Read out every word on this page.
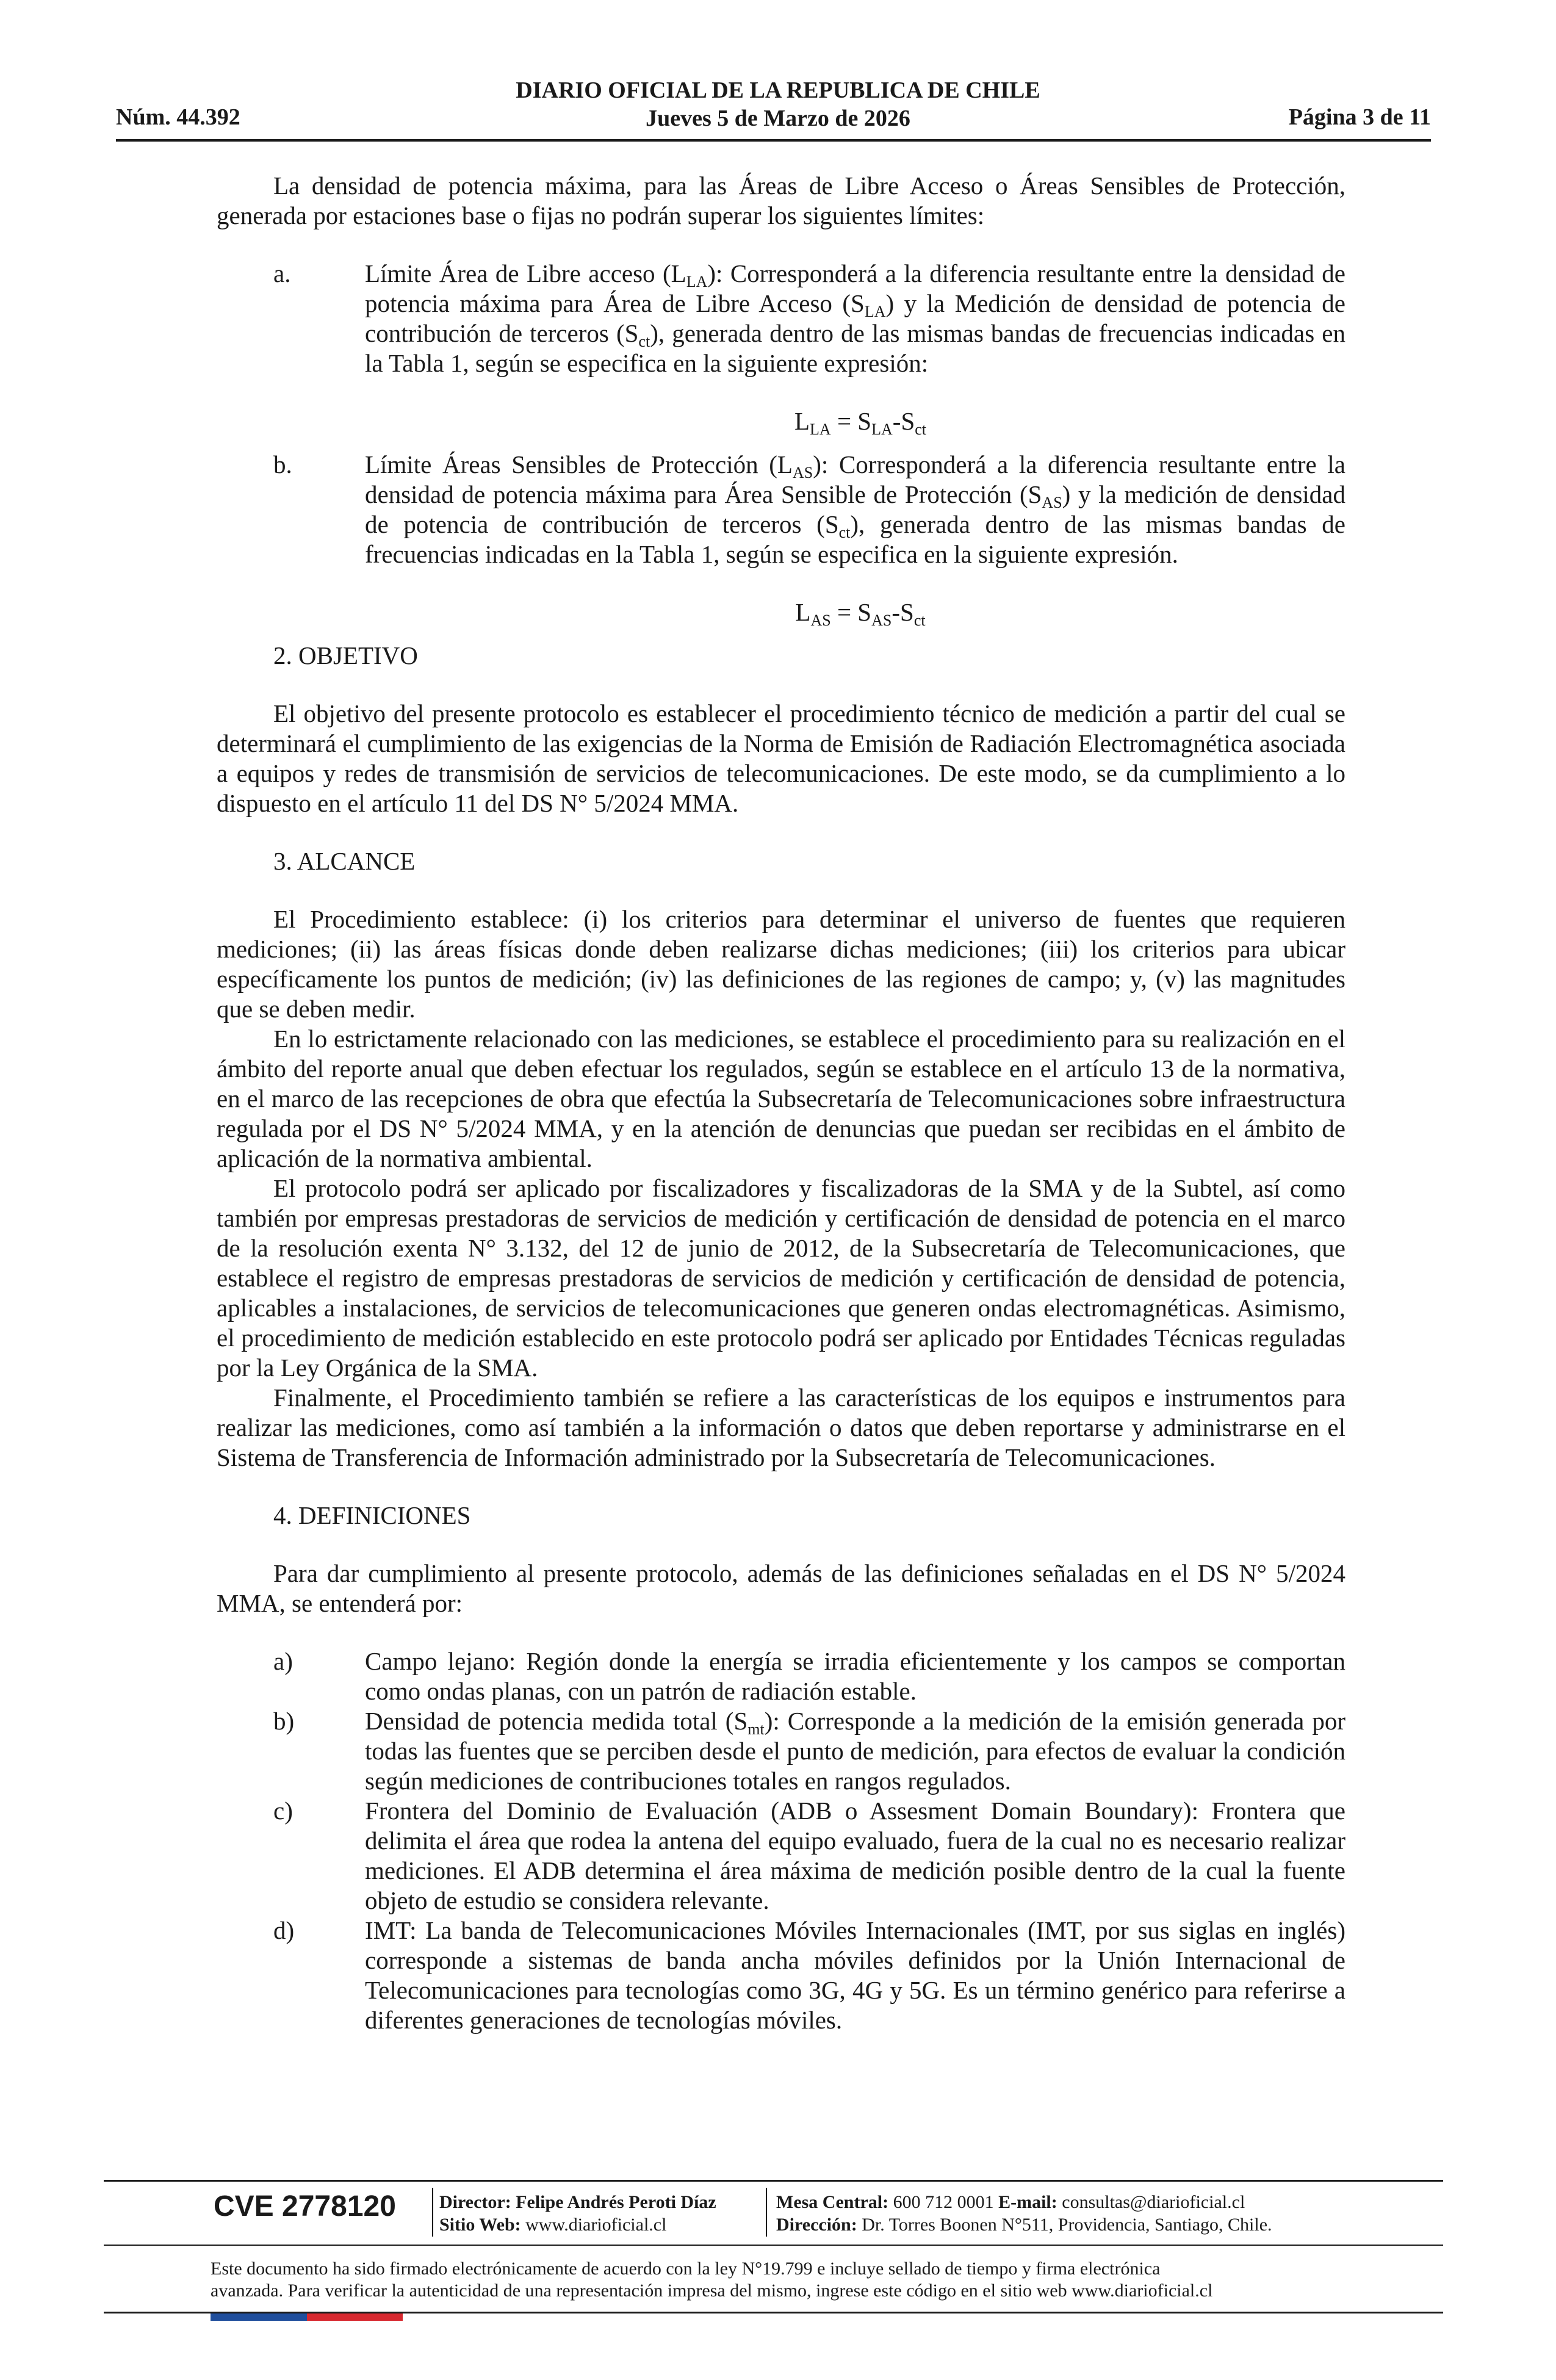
Núm. 44.392
DIARIO OFICIAL DE LA REPUBLICA DE CHILE
Jueves 5 de Marzo de 2026	Página 3 de 11

La densidad de potencia máxima, para las Áreas de Libre Acceso o Áreas Sensibles de Protección, generada por estaciones base o fijas no podrán superar los siguientes límites:

a.	Límite Área de Libre acceso $(L_{LA})$: Corresponderá a la diferencia resultante entre la densidad de potencia máxima para Área de Libre Acceso $(S_{LA})$ y la Medición de densidad de potencia de contribución de terceros $(S_{ct})$, generada dentro de las mismas bandas de frecuencias indicadas en la Tabla 1, según se especifica en la siguiente expresión:
$L_{LA} = S_{LA}-S_{ct}$
b.	Límite Áreas Sensibles de Protección $(L_{AS})$: Corresponderá a la diferencia resultante entre la densidad de potencia máxima para Área Sensible de Protección $(S_{AS})$ y la medición de densidad de potencia de contribución de terceros $(S_{ct})$, generada dentro de las mismas bandas de frecuencias indicadas en la Tabla 1, según se especifica en la siguiente expresión.
$L_{AS} = S_{AS}-S_{ct}$

2. OBJETIVO

El objetivo del presente protocolo es establecer el procedimiento técnico de medición a partir del cual se determinará el cumplimiento de las exigencias de la Norma de Emisión de Radiación Electromagnética asociada a equipos y redes de transmisión de servicios de telecomunicaciones. De este modo, se da cumplimiento a lo dispuesto en el artículo 11 del DS N° 5/2024 MMA.

3. ALCANCE

El Procedimiento establece: (i) los criterios para determinar el universo de fuentes que requieren mediciones; (ii) las áreas físicas donde deben realizarse dichas mediciones; (iii) los criterios para ubicar específicamente los puntos de medición; (iv) las definiciones de las regiones de campo; y, (v) las magnitudes que se deben medir.

En lo estrictamente relacionado con las mediciones, se establece el procedimiento para su realización en el ámbito del reporte anual que deben efectuar los regulados, según se establece en el artículo 13 de la normativa, en el marco de las recepciones de obra que efectúa la Subsecretaría de Telecomunicaciones sobre infraestructura regulada por el DS N° 5/2024 MMA, y en la atención de denuncias que puedan ser recibidas en el ámbito de aplicación de la normativa ambiental.

El protocolo podrá ser aplicado por fiscalizadores y fiscalizadoras de la SMA y de la Subtel, así como también por empresas prestadoras de servicios de medición y certificación de densidad de potencia en el marco de la resolución exenta N° 3.132, del 12 de junio de 2012, de la Subsecretaría de Telecomunicaciones, que establece el registro de empresas prestadoras de servicios de medición y certificación de densidad de potencia, aplicables a instalaciones, de servicios de telecomunicaciones que generen ondas electromagnéticas. Asimismo, el procedimiento de medición establecido en este protocolo podrá ser aplicado por Entidades Técnicas reguladas por la Ley Orgánica de la SMA.

Finalmente, el Procedimiento también se refiere a las características de los equipos e instrumentos para realizar las mediciones, como así también a la información o datos que deben reportarse y administrarse en el Sistema de Transferencia de Información administrado por la Subsecretaría de Telecomunicaciones.

4. DEFINICIONES

Para dar cumplimiento al presente protocolo, además de las definiciones señaladas en el DS N° 5/2024 MMA, se entenderá por:

a)	Campo lejano: Región donde la energía se irradia eficientemente y los campos se comportan como ondas planas, con un patrón de radiación estable.
b)	Densidad de potencia medida total $(S_{mt})$: Corresponde a la medición de la emisión generada por todas las fuentes que se perciben desde el punto de medición, para efectos de evaluar la condición según mediciones de contribuciones totales en rangos regulados.
c)	Frontera del Dominio de Evaluación (ADB o Assesment Domain Boundary): Frontera que delimita el área que rodea la antena del equipo evaluado, fuera de la cual no es necesario realizar mediciones. El ADB determina el área máxima de medición posible dentro de la cual la fuente objeto de estudio se considera relevante.
d)	IMT: La banda de Telecomunicaciones Móviles Internacionales (IMT, por sus siglas en inglés) corresponde a sistemas de banda ancha móviles definidos por la Unión Internacional de Telecomunicaciones para tecnologías como 3G, 4G y 5G. Es un término genérico para referirse a diferentes generaciones de tecnologías móviles.
CVE 2778120 Director: Felipe Andrés Peroti Díaz
Sitio Web: www.diarioficial.cl
Mesa Central: 600 712 0001 E-mail: consultas@diarioficial.cl
Dirección: Dr. Torres Boonen N°511, Providencia, Santiago, Chile.
Este documento ha sido firmado electrónicamente de acuerdo con la ley N°19.799 e incluye sellado de tiempo y firma electrónica
avanzada. Para verificar la autenticidad de una representación impresa del mismo, ingrese este código en el sitio web www.diarioficial.cl
